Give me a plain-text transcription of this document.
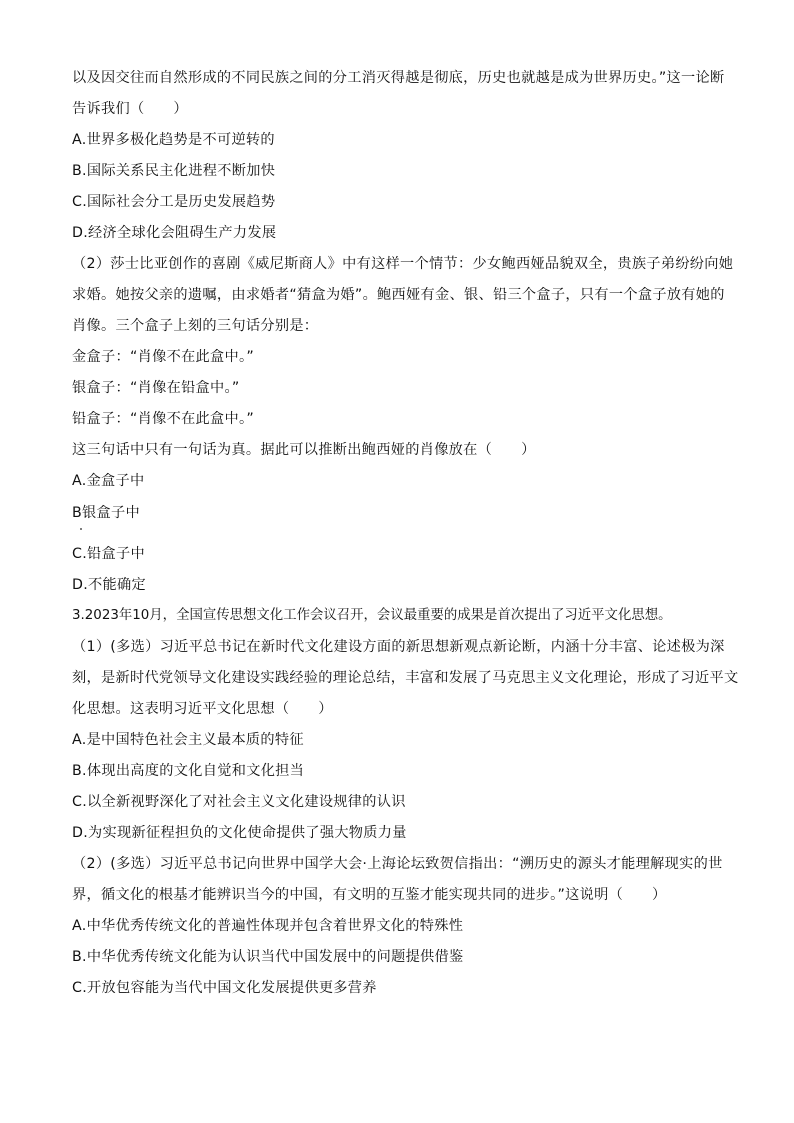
以及因交往而自然形成的不同民族之间的分工消灭得越是彻底，历史也就越是成为世界历史。”这一论断
告诉我们（　　）
A.世界多极化趋势是不可逆转的
B.国际关系民主化进程不断加快
C.国际社会分工是历史发展趋势
D.经济全球化会阻碍生产力发展
（2）莎士比亚创作的喜剧《威尼斯商人》中有这样一个情节：少女鲍西娅品貌双全，贵族子弟纷纷向她
求婚。她按父亲的遗嘱，由求婚者“猜盒为婚”。鲍西娅有金、银、铅三个盒子，只有一个盒子放有她的
肖像。三个盒子上刻的三句话分别是：
金盒子：“肖像不在此盒中。”
银盒子：“肖像在铅盒中。”
铅盒子：“肖像不在此盒中。”
这三句话中只有一句话为真。据此可以推断出鲍西娅的肖像放在（　　）
A.金盒子中
B银盒子中
C.铅盒子中
D.不能确定
3.2023年10月，全国宣传思想文化工作会议召开，会议最重要的成果是首次提出了习近平文化思想。
（1）(多选）习近平总书记在新时代文化建设方面的新思想新观点新论断，内涵十分丰富、论述极为深
刻，是新时代党领导文化建设实践经验的理论总结，丰富和发展了马克思主义文化理论，形成了习近平文
化思想。这表明习近平文化思想（　　）
A.是中国特色社会主义最本质的特征
B.体现出高度的文化自觉和文化担当
C.以全新视野深化了对社会主义文化建设规律的认识
D.为实现新征程担负的文化使命提供了强大物质力量
（2）(多选）习近平总书记向世界中国学大会·上海论坛致贺信指出：“溯历史的源头才能理解现实的世
界，循文化的根基才能辨识当今的中国，有文明的互鉴才能实现共同的进步。”这说明（　　）
A.中华优秀传统文化的普遍性体现并包含着世界文化的特殊性
B.中华优秀传统文化能为认识当代中国发展中的问题提供借鉴
C.开放包容能为当代中国文化发展提供更多营养
